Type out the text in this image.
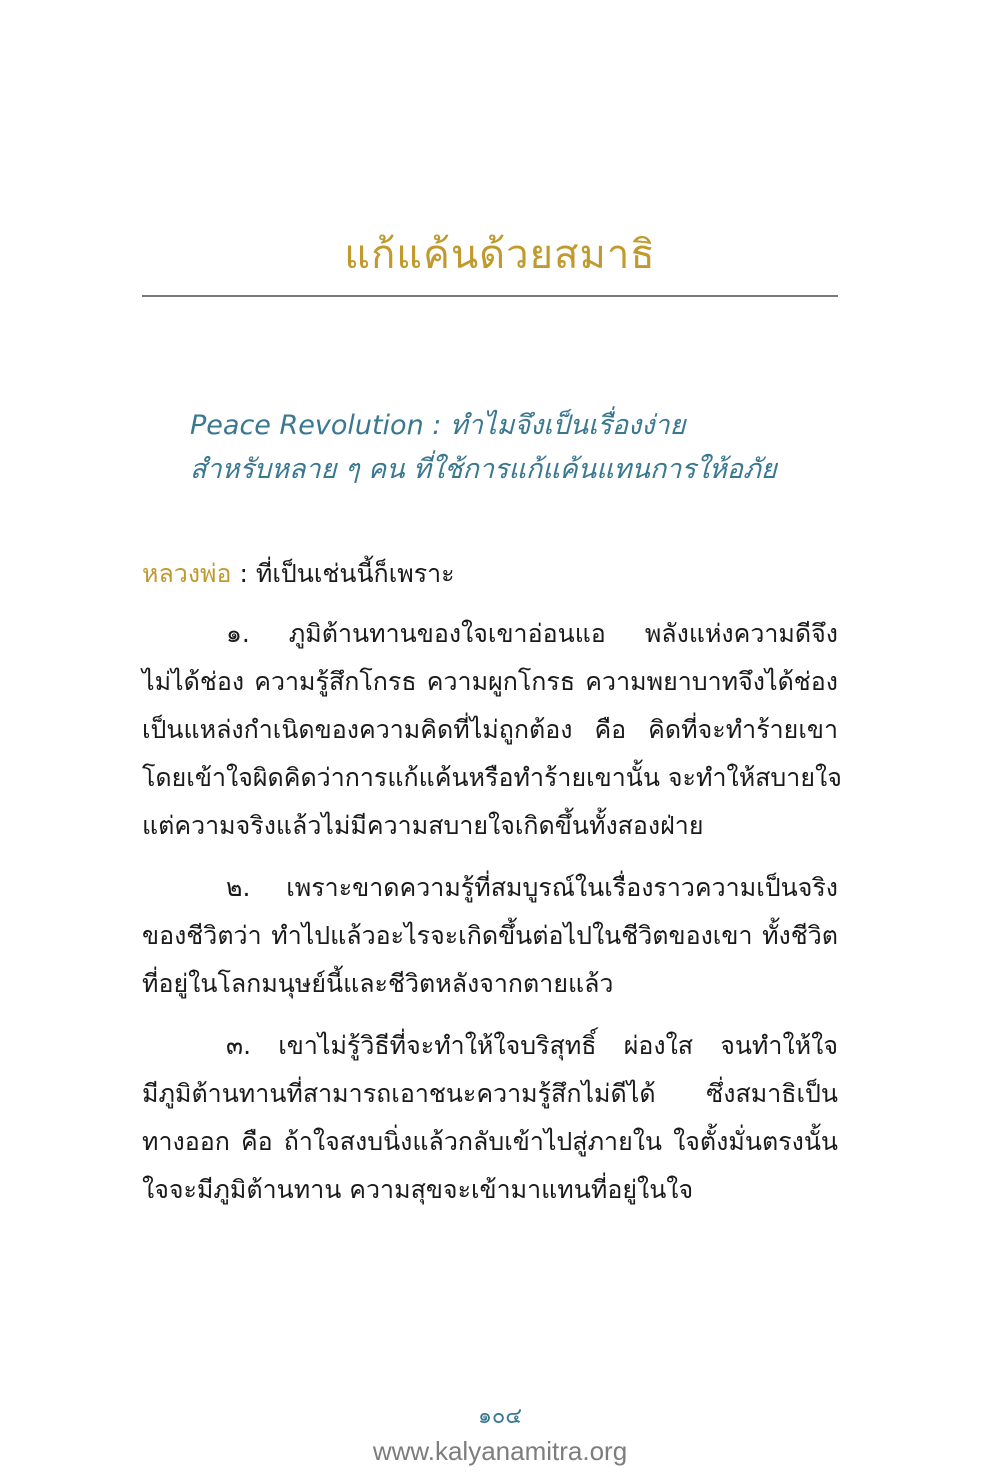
แก้แค้นด้วยสมาธิ
Peace Revolution : ทำไมจึงเป็นเรื่องง่าย
สำหรับหลาย ๆ คน ที่ใช้การแก้แค้นแทนการให้อภัย
หลวงพ่อ : ที่เป็นเช่นนี้ก็เพราะ
๑. ภูมิต้านทานของใจเขาอ่อนแอ พลังแห่งความดีจึง
ไม่ได้ช่อง ความรู้สึกโกรธ ความผูกโกรธ ความพยาบาทจึงได้ช่อง
เป็นแหล่งกำเนิดของความคิดที่ไม่ถูกต้อง คือ คิดที่จะทำร้ายเขา
โดยเข้าใจผิดคิดว่าการแก้แค้นหรือทำร้ายเขานั้น จะทำให้สบายใจ
แต่ความจริงแล้วไม่มีความสบายใจเกิดขึ้นทั้งสองฝ่าย
๒. เพราะขาดความรู้ที่สมบูรณ์ในเรื่องราวความเป็นจริง
ของชีวิตว่า ทำไปแล้วอะไรจะเกิดขึ้นต่อไปในชีวิตของเขา ทั้งชีวิต
ที่อยู่ในโลกมนุษย์นี้และชีวิตหลังจากตายแล้ว
๓. เขาไม่รู้วิธีที่จะทำให้ใจบริสุทธิ์ ผ่องใส จนทำให้ใจ
มีภูมิต้านทานที่สามารถเอาชนะความรู้สึกไม่ดีได้ ซึ่งสมาธิเป็น
ทางออก คือ ถ้าใจสงบนิ่งแล้วกลับเข้าไปสู่ภายใน ใจตั้งมั่นตรงนั้น
ใจจะมีภูมิต้านทาน ความสุขจะเข้ามาแทนที่อยู่ในใจ
๑๐๔
www.kalyanamitra.org
